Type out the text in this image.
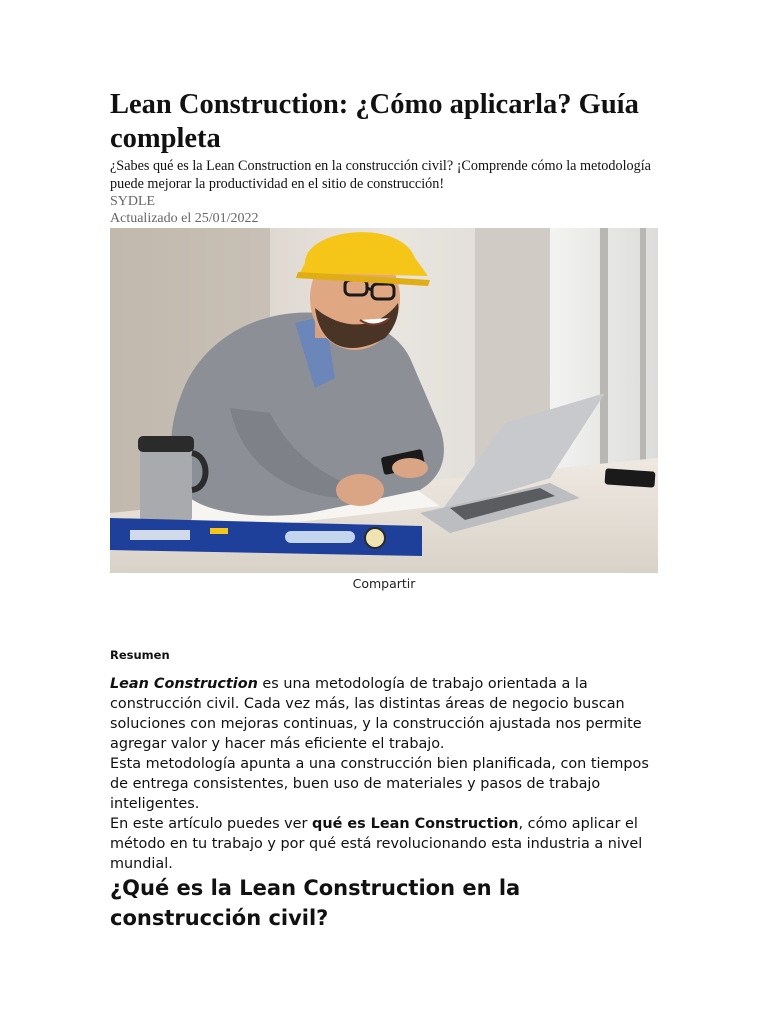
Lean Construction: ¿Cómo aplicarla? Guía completa

¿Sabes qué es la Lean Construction en la construcción civil? ¡Comprende cómo la metodología puede mejorar la productividad en el sitio de construcción!

SYDLE

Actualizado el 25/01/2022

Compartir
Resumen

Lean Construction es una metodología de trabajo orientada a la construcción civil. Cada vez más, las distintas áreas de negocio buscan soluciones con mejoras continuas, y la construcción ajustada nos permite agregar valor y hacer más eficiente el trabajo.

Esta metodología apunta a una construcción bien planificada, con tiempos de entrega consistentes, buen uso de materiales y pasos de trabajo inteligentes.

En este artículo puedes ver qué es Lean Construction, cómo aplicar el método en tu trabajo y por qué está revolucionando esta industria a nivel mundial.

¿Qué es la Lean Construction en la construcción civil?
